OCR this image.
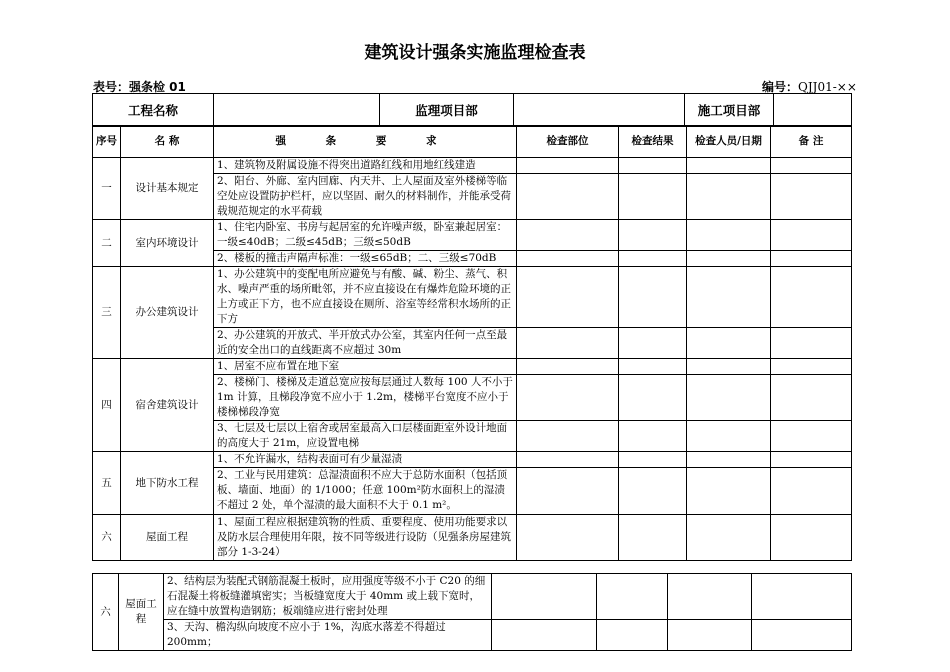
建筑设计强条实施监理检查表
表号：强条检 01	编号：QJJ01-××
工程名称		监理项目部		施工项目部	
序号	名 称	强 条 要 求	检查部位	检查结果	检查人员/日期	备 注
一	设计基本规定	1、建筑物及附属设施不得突出道路红线和用地红线建造				
		2、阳台、外廊、室内回廊、内天井、上人屋面及室外楼梯等临空处应设置防护栏杆，应以坚固、耐久的材料制作，并能承受荷载规范规定的水平荷载				
二	室内环境设计	1、住宅内卧室、书房与起居室的允许噪声级，卧室兼起居室：一级≤40dB；二级≤45dB；三级≤50dB				
		2、楼板的撞击声隔声标准：一级≤65dB；二、三级≤70dB				
三	办公建筑设计	1、办公建筑中的变配电所应避免与有酸、碱、粉尘、蒸气、积水、噪声严重的场所毗邻，并不应直接设在有爆炸危险环境的正上方或正下方，也不应直接设在厕所、浴室等经常积水场所的正下方				
		2、办公建筑的开放式、半开放式办公室，其室内任何一点至最近的安全出口的直线距离不应超过 30m				
四	宿舍建筑设计	1、居室不应布置在地下室				
		2、楼梯门、楼梯及走道总宽应按每层通过人数每 100 人不小于 1m 计算，且梯段净宽不应小于 1.2m，楼梯平台宽度不应小于楼梯梯段净宽				
		3、七层及七层以上宿舍或居室最高入口层楼面距室外设计地面的高度大于 21m，应设置电梯				
五	地下防水工程	1、不允许漏水，结构表面可有少量湿渍				
		2、工业与民用建筑：总湿渍面积不应大于总防水面积（包括顶板、墙面、地面）的 1/1000；任意 100m²防水面积上的湿渍不超过 2 处，单个湿渍的最大面积不大于 0.1 m²。				
六	屋面工程	1、屋面工程应根据建筑物的性质、重要程度、使用功能要求以及防水层合理使用年限，按不同等级进行设防（见强条房屋建筑部分 1-3-24）				
六	屋面工程	2、结构层为装配式钢筋混凝土板时，应用强度等级不小于 C20 的细石混凝土将板缝灌填密实；当板缝宽度大于 40mm 或上载下宽时，应在缝中放置构造钢筋；板端缝应进行密封处理				
		3、天沟、檐沟纵向坡度不应小于 1%，沟底水落差不得超过 200mm；				
